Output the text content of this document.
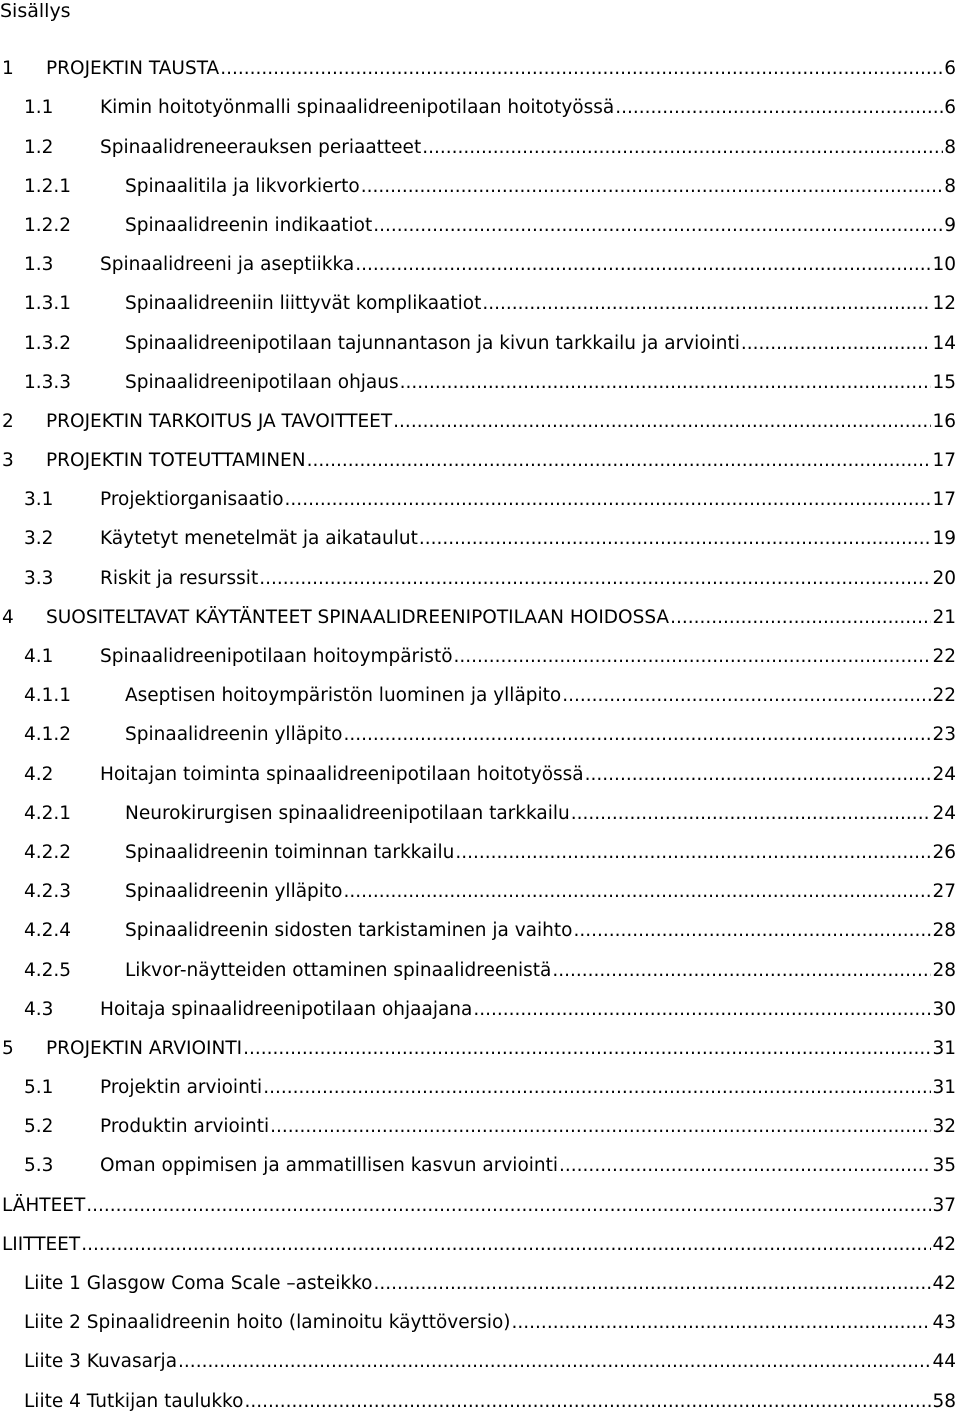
Sisällys
1 PROJEKTIN TAUSTA .....	6
1.1	Kimin hoitotyönmalli spinaalidreenipotilaan hoitotyössä .....	6
1.2	Spinaalidreneerauksen periaatteet .....	8
1.2.1	Spinaalitila ja likvorkierto .....	8
1.2.2	Spinaalidreenin indikaatiot .....	9
1.3	Spinaalidreeni ja aseptiikka .....	10
1.3.1	Spinaalidreeniin liittyvät komplikaatiot .....	12
1.3.2	Spinaalidreenipotilaan tajunnantason ja kivun tarkkailu ja arviointi .....	14
1.3.3	Spinaalidreenipotilaan ohjaus .....	15
2 PROJEKTIN TARKOITUS JA TAVOITTEET .....	16
3 PROJEKTIN TOTEUTTAMINEN .....	17
3.1	Projektiorganisaatio .....	17
3.2	Käytetyt menetelmät ja aikataulut .....	19
3.3	Riskit ja resurssit .....	20
4 SUOSITELTAVAT KÄYTÄNTEET SPINAALIDREENIPOTILAAN HOIDOSSA .....	21
4.1	Spinaalidreenipotilaan hoitoympäristö .....	22
4.1.1	Aseptisen hoitoympäristön luominen ja ylläpito .....	22
4.1.2	Spinaalidreenin ylläpito .....	23
4.2	Hoitajan toiminta spinaalidreenipotilaan hoitotyössä .....	24
4.2.1	Neurokirurgisen spinaalidreenipotilaan tarkkailu .....	24
4.2.2	Spinaalidreenin toiminnan tarkkailu .....	26
4.2.3	Spinaalidreenin ylläpito .....	27
4.2.4	Spinaalidreenin sidosten tarkistaminen ja vaihto .....	28
4.2.5	Likvor-näytteiden ottaminen spinaalidreenistä .....	28
4.3	Hoitaja spinaalidreenipotilaan ohjaajana .....	30
5 PROJEKTIN ARVIOINTI .....	31
5.1	Projektin arviointi .....	31
5.2	Produktin arviointi .....	32
5.3	Oman oppimisen ja ammatillisen kasvun arviointi .....	35
LÄHTEET .....	37
LIITTEET .....	42
Liite 1 Glasgow Coma Scale –asteikko .....	42
Liite 2 Spinaalidreenin hoito (laminoitu käyttöversio) .....	43
Liite 3 Kuvasarja .....	44
Liite 4 Tutkijan taulukko .....	58
